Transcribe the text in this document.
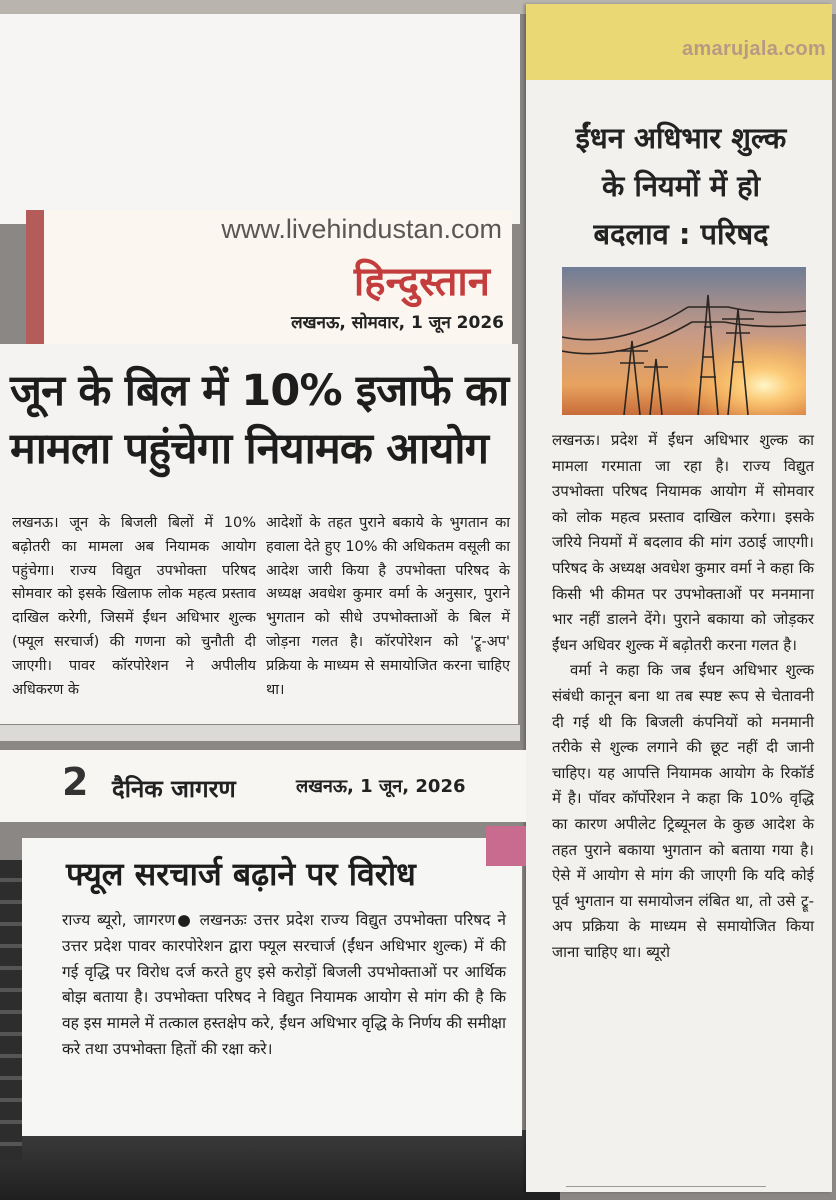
amarujala.com
ईंधन अधिभार शुल्क
के नियमों में हो
बदलाव : परिषद

लखनऊ। प्रदेश में ईंधन अधिभार शुल्क का मामला गरमाता जा रहा है। राज्य विद्युत उपभोक्ता परिषद नियामक आयोग में सोमवार को लोक महत्व प्रस्ताव दाखिल करेगा। इसके जरिये नियमों में बदलाव की मांग उठाई जाएगी। परिषद के अध्यक्ष अवधेश कुमार वर्मा ने कहा कि किसी भी कीमत पर उपभोक्ताओं पर मनमाना भार नहीं डालने देंगे। पुराने बकाया को जोड़कर ईंधन अधिवर शुल्क में बढ़ोतरी करना गलत है।

वर्मा ने कहा कि जब ईंधन अधिभार शुल्क संबंधी कानून बना था तब स्पष्ट रूप से चेतावनी दी गई थी कि बिजली कंपनियों को मनमानी तरीके से शुल्क लगाने की छूट नहीं दी जानी चाहिए। यह आपत्ति नियामक आयोग के रिकॉर्ड में है। पॉवर कॉर्पोरेशन ने कहा कि 10% वृद्धि का कारण अपीलेट ट्रिब्यूनल के कुछ आदेश के तहत पुराने बकाया भुगतान को बताया गया है। ऐसे में आयोग से मांग की जाएगी कि यदि कोई पूर्व भुगतान या समायोजन लंबित था, तो उसे ट्रू-अप प्रक्रिया के माध्यम से समायोजित किया जाना चाहिए था। ब्यूरो

www.livehindustan.com
हिन्दुस्तान
लखनऊ, सोमवार, 1 जून 2026
जून के बिल में 10% इजाफे का
मामला पहुंचेगा नियामक आयोग
लखनऊ। जून के बिजली बिलों में 10% बढ़ोतरी का मामला अब नियामक आयोग पहुंचेगा। राज्य विद्युत उपभोक्ता परिषद सोमवार को इसके खिलाफ लोक महत्व प्रस्ताव दाखिल करेगी, जिसमें ईंधन अधिभार शुल्क (फ्यूल सरचार्ज) की गणना को चुनौती दी जाएगी। पावर कॉरपोरेशन ने अपीलीय अधिकरण के
आदेशों के तहत पुराने बकाये के भुगतान का हवाला देते हुए 10% की अधिकतम वसूली का आदेश जारी किया है उपभोक्ता परिषद के अध्यक्ष अवधेश कुमार वर्मा के अनुसार, पुराने भुगतान को सीधे उपभोक्ताओं के बिल में जोड़ना गलत है। कॉरपोरेशन को 'ट्रू-अप' प्रक्रिया के माध्यम से समायोजित करना चाहिए था।
2 दैनिक जागरण	लखनऊ, 1 जून, 2026
फ्यूल सरचार्ज बढ़ाने पर विरोध
राज्य ब्यूरो, जागरण● लखनऊः उत्तर प्रदेश राज्य विद्युत उपभोक्ता परिषद ने उत्तर प्रदेश पावर कारपोरेशन द्वारा फ्यूल सरचार्ज (ईंधन अधिभार शुल्क) में की गई वृद्धि पर विरोध दर्ज करते हुए इसे करोड़ों बिजली उपभोक्ताओं पर आर्थिक बोझ बताया है। उपभोक्ता परिषद ने विद्युत नियामक आयोग से मांग की है कि वह इस मामले में तत्काल हस्तक्षेप करे, ईंधन अधिभार वृद्धि के निर्णय की समीक्षा करे तथा उपभोक्ता हितों की रक्षा करे।
